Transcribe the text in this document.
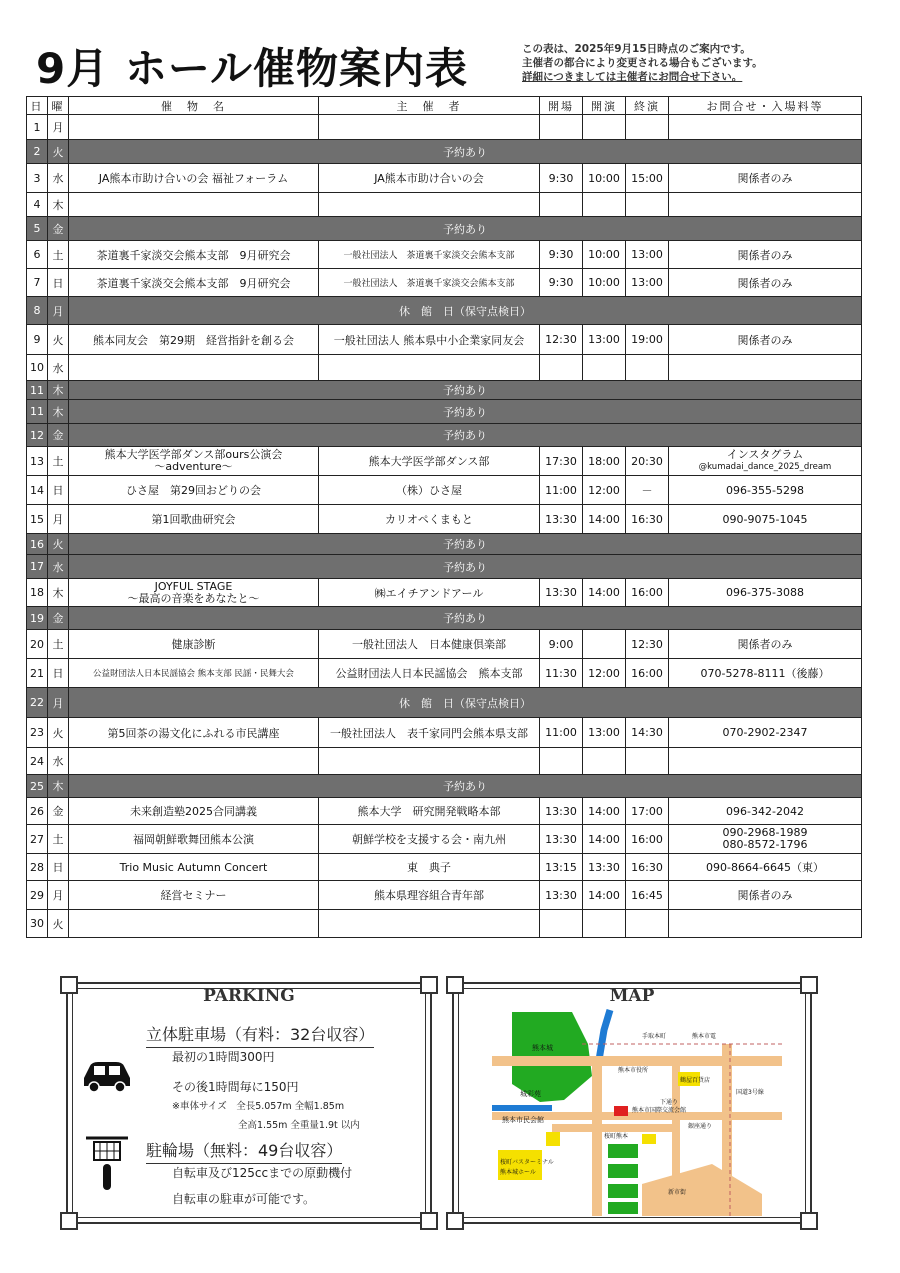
9月 ホール催物案内表	この表は、2025年9月15日時点のご案内です。
主催者の都合により変更される場合もございます。
詳細につきましては主催者にお問合せ下さい。
日	曜	催　物　名	主　催　者	開場	開演	終演	お問合せ・入場料等
1	月						
2	火	予約あり					
3	水	JA熊本市助け合いの会 福祉フォーラム	JA熊本市助け合いの会	9:30	10:00	15:00	関係者のみ
4	木						
5	金	予約あり					
6	土	茶道裏千家淡交会熊本支部　9月研究会	一般社団法人　茶道裏千家淡交会熊本支部	9:30	10:00	13:00	関係者のみ
7	日	茶道裏千家淡交会熊本支部　9月研究会	一般社団法人　茶道裏千家淡交会熊本支部	9:30	10:00	13:00	関係者のみ
8	月	休　館　日（保守点検日）					
9	火	熊本同友会　第29期　経営指針を創る会	一般社団法人 熊本県中小企業家同友会	12:30	13:00	19:00	関係者のみ
10	水						
11	木	予約あり					
11	木	予約あり					
12	金	予約あり					
13	土	熊本大学医学部ダンス部ours公演会
～adventure～	熊本大学医学部ダンス部	17:30	18:00	20:30	インスタグラム
@kumadai_dance_2025_dream

14	日	ひさ屋　第29回おどりの会	（株）ひさ屋	11:00	12:00	－	096-355-5298
15	月	第1回歌曲研究会	カリオペくまもと	13:30	14:00	16:30	090-9075-1045
16	火	予約あり					
17	水	予約あり					
18	木	JOYFUL STAGE
～最高の音楽をあなたと～	㈱エイチアンドアール	13:30	14:00	16:00	096-375-3088
19	金	予約あり					
20	土	健康診断	一般社団法人　日本健康倶楽部	9:00		12:30	関係者のみ
21	日	公益財団法人日本民謡協会 熊本支部 民謡・民舞大会	公益財団法人日本民謡協会　熊本支部	11:30	12:00	16:00	070-5278-8111（後藤）
22	月	休　館　日（保守点検日）					
23	火	第5回茶の湯文化にふれる市民講座	一般社団法人　表千家同門会熊本県支部	11:00	13:00	14:30	070-2902-2347
24	水						
25	木	予約あり					
26	金	未来創造塾2025合同講義	熊本大学　研究開発戦略本部	13:30	14:00	17:00	096-342-2042
27	土	福岡朝鮮歌舞団熊本公演	朝鮮学校を支援する会・南九州	13:30	14:00	16:00	090-2968-1989
080-8572-1796

28	日	Trio Music Autumn Concert	東　典子	13:15	13:30	16:30	090-8664-6645（東）
29	月	経営セミナー	熊本県理容組合青年部	13:30	14:00	16:45	関係者のみ
30	火						
PARKING
立体駐車場（有料：32台収容）
最初の1時間300円
その後1時間毎に150円
※車体サイズ　全長5.057m 全幅1.85m
全高1.55m 全重量1.9t 以内
駐輪場（無料：49台収容）
自転車及び125ccまでの原動機付
自転車の駐車が可能です。
MAP
熊本城
城彩苑
熊本市民会館
熊本市国際交流会館
桜町バスターミナル
熊本城ホール
鶴屋百貨店
熊本市役所
下通り
銀座通り
新市街
桜町熊本
国道3号線
手取本町	熊本市電
